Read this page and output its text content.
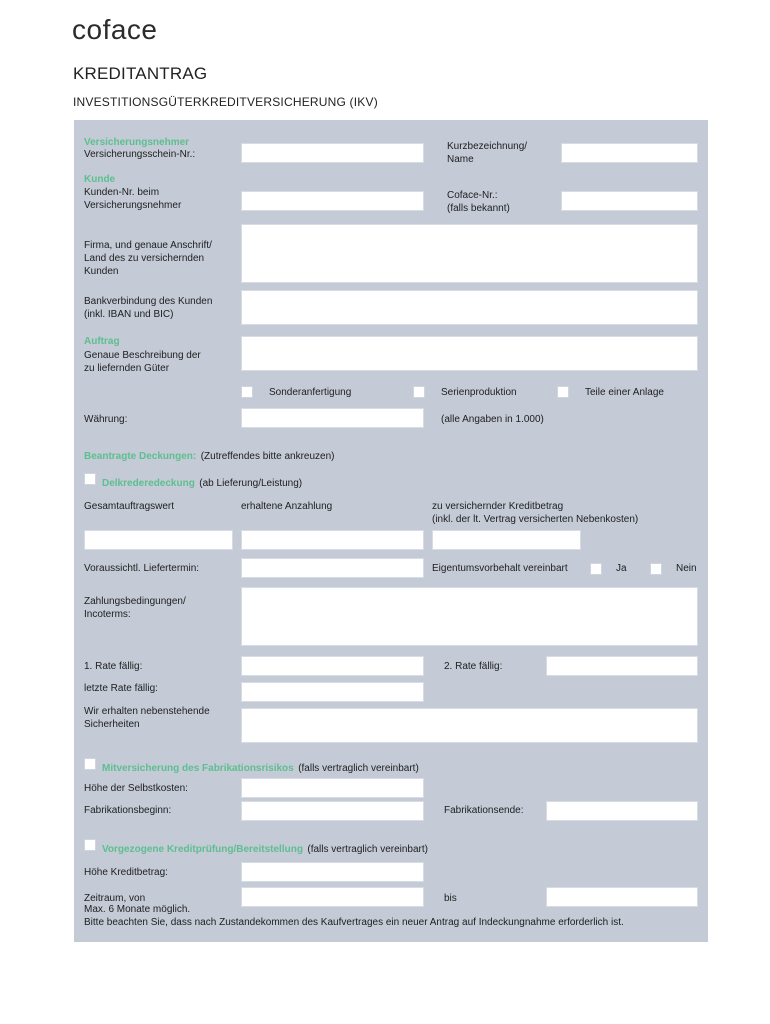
coface
KREDITANTRAG
INVESTITIONSGÜTERKREDITVERSICHERUNG (IKV)
Versicherungsnehmer
Versicherungsschein-Nr.:
Kurzbezeichnung/
Name
Kunde
Kunden-Nr. beim
Versicherungsnehmer
Coface-Nr.:
(falls bekannt)
Firma, und genaue Anschrift/
Land des zu versichernden
Kunden
Bankverbindung des Kunden
(inkl. IBAN und BIC)
Auftrag
Genaue Beschreibung der
zu liefernden Güter
Sonderanfertigung	Serienproduktion	Teile einer Anlage
Währung:	(alle Angaben in 1.000)
Beantragte Deckungen: (Zutreffendes bitte ankreuzen)
Delkrederedeckung (ab Lieferung/Leistung)
Gesamtauftragswert	erhaltene Anzahlung	zu versichernder Kreditbetrag
(inkl. der lt. Vertrag versicherten Nebenkosten)
Voraussichtl. Liefertermin:	Eigentumsvorbehalt vereinbart	Ja	Nein
Zahlungsbedingungen/
Incoterms:
1. Rate fällig:	2. Rate fällig:
letzte Rate fällig:
Wir erhalten nebenstehende
Sicherheiten
Mitversicherung des Fabrikationsrisikos (falls vertraglich vereinbart)
Höhe der Selbstkosten:
Fabrikationsbeginn:	Fabrikationsende:
Vorgezogene Kreditprüfung/Bereitstellung (falls vertraglich vereinbart)
Höhe Kreditbetrag:
Zeitraum, von	bis
Max. 6 Monate möglich.
Bitte beachten Sie, dass nach Zustandekommen des Kaufvertrages ein neuer Antrag auf Indeckungnahme erforderlich ist.
